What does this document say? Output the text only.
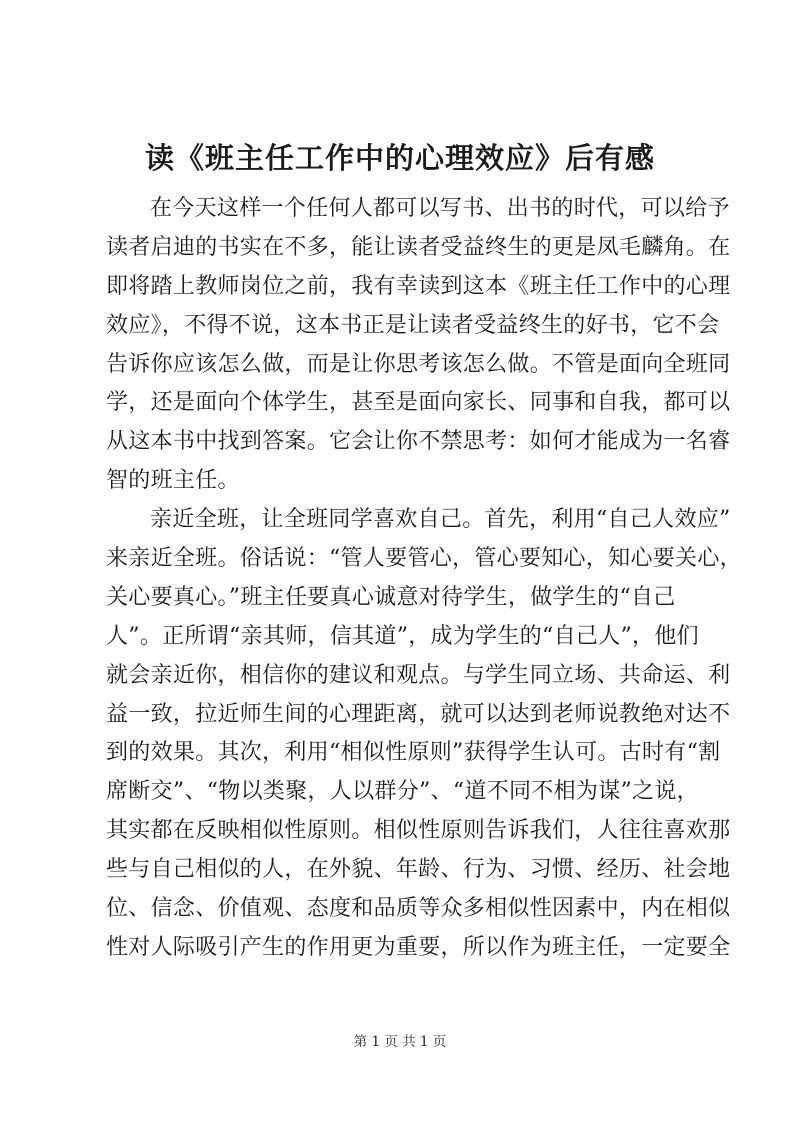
读《班主任工作中的心理效应》后有感
在今天这样一个任何人都可以写书、出书的时代，可以给予
读者启迪的书实在不多，能让读者受益终生的更是凤毛麟角。在
即将踏上教师岗位之前，我有幸读到这本《班主任工作中的心理
效应》，不得不说，这本书正是让读者受益终生的好书，它不会
告诉你应该怎么做，而是让你思考该怎么做。不管是面向全班同
学，还是面向个体学生，甚至是面向家长、同事和自我，都可以
从这本书中找到答案。它会让你不禁思考：如何才能成为一名睿
智的班主任。
亲近全班，让全班同学喜欢自己。首先，利用“自己人效应”
来亲近全班。俗话说：“管人要管心，管心要知心，知心要关心，
关心要真心。”班主任要真心诚意对待学生，做学生的“自己
人”。正所谓“亲其师，信其道”，成为学生的“自己人”，他们
就会亲近你，相信你的建议和观点。与学生同立场、共命运、利
益一致，拉近师生间的心理距离，就可以达到老师说教绝对达不
到的效果。其次，利用“相似性原则”获得学生认可。古时有“割
席断交”、“物以类聚，人以群分”、“道不同不相为谋”之说，
其实都在反映相似性原则。相似性原则告诉我们，人往往喜欢那
些与自己相似的人，在外貌、年龄、行为、习惯、经历、社会地
位、信念、价值观、态度和品质等众多相似性因素中，内在相似
性对人际吸引产生的作用更为重要，所以作为班主任，一定要全
第 1 页 共 1 页
